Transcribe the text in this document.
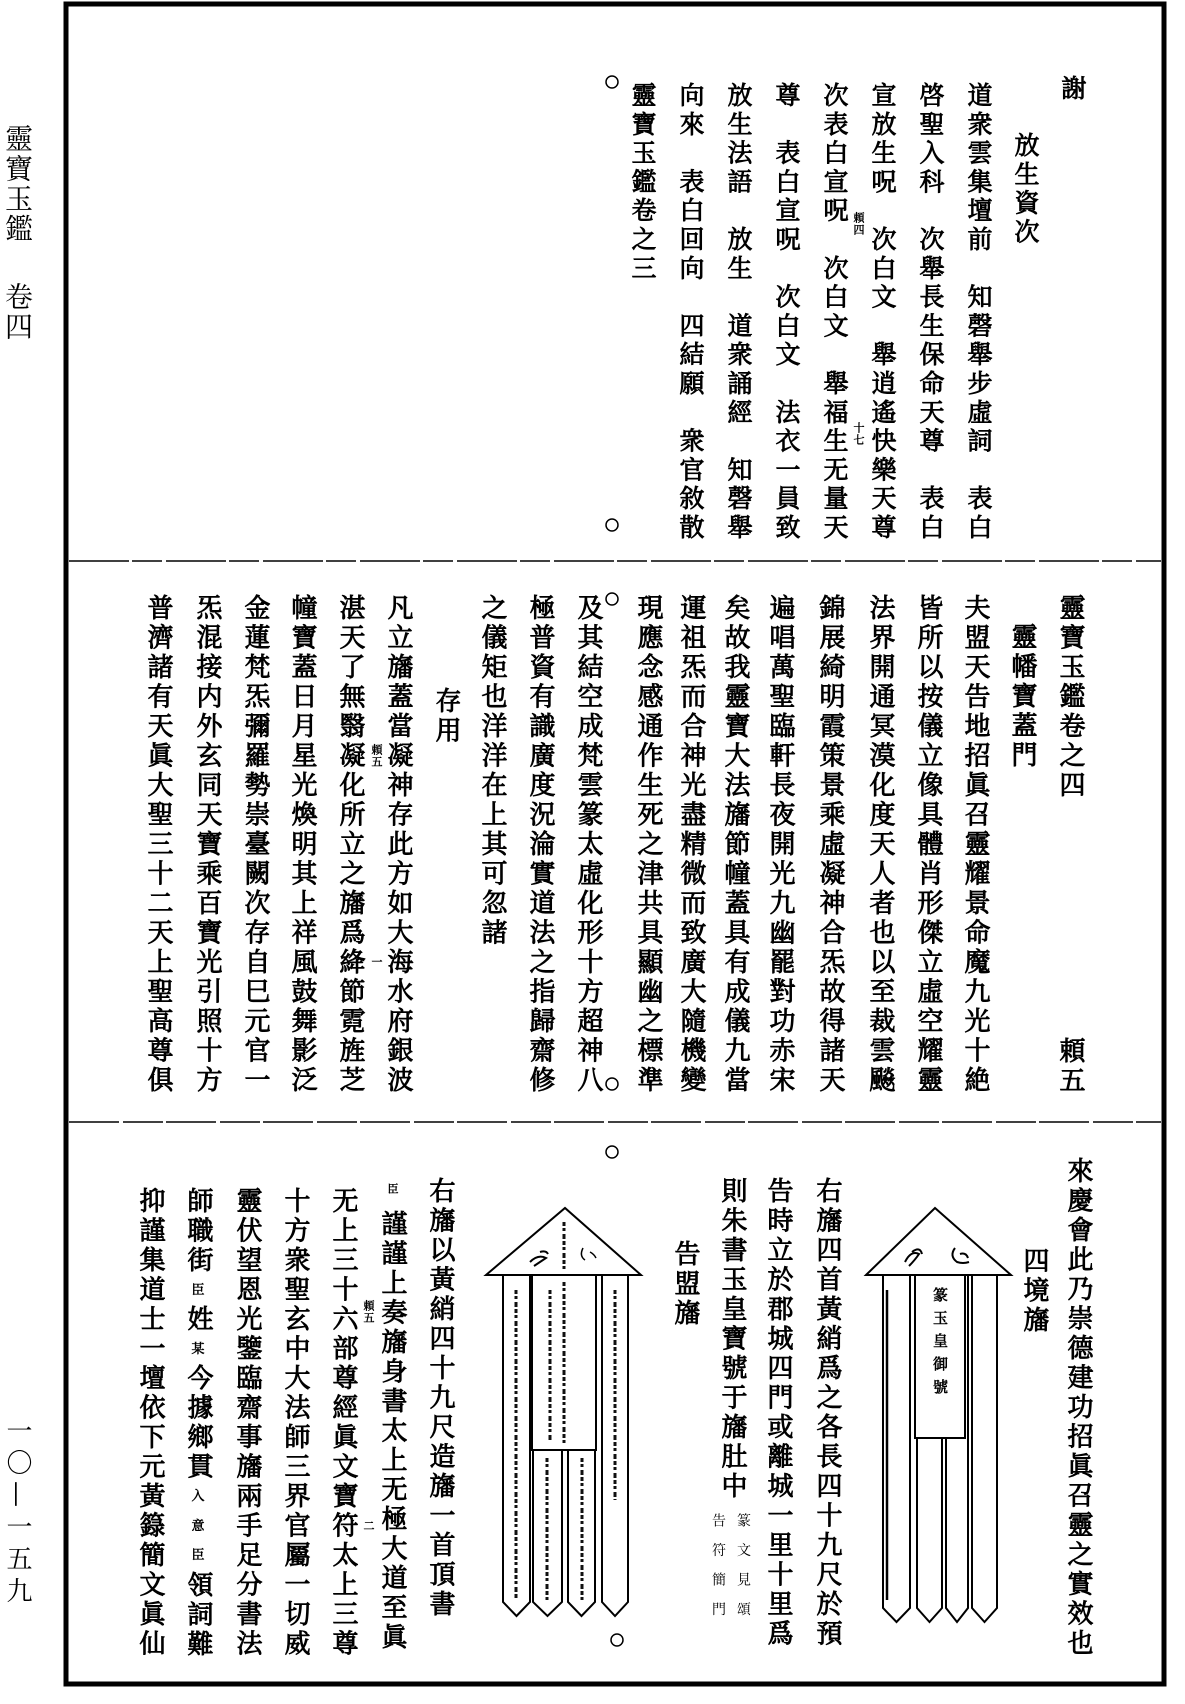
靈寶玉鑑
卷四
一〇—一五九
謝
放生資次
道衆雲集壇前　知磬舉步虛詞　表白
啓聖入科　次舉長生保命天尊　表白
宣放生呪　次白文　舉逍遙快樂天尊
次表白宣呪　次白文　舉福生无量天
尊　表白宣呪　次白文　法衣一員致
放生法語　放生　道衆誦經　知磬舉
向來　表白回向　四結願　衆官敘散
靈寶玉鑑卷之三	頼四
十七
靈寶玉鑑卷之四
頼五
靈幡寶蓋門
夫盟天告地招眞召靈耀景命魔九光十絶
皆所以按儀立像具體肖形傑立虛空耀靈
法界開通冥漠化度天人者也以至裁雲飈
錦展綺明霞策景乘虛凝神合炁故得諸天
遍唱萬聖臨軒長夜開光九幽罷對功赤宋
矣故我靈寶大法旛節幢蓋具有成儀九當
運祖炁而合神光盡精微而致廣大隨機變
現應念感通作生死之津共具顯幽之標準
及其結空成梵雲篆太虛化形十方超神八
極普資有識廣度況淪實道法之指歸齋修
之儀矩也洋洋在上其可忽諸
存用
凡立旛蓋當凝神存此方如大海水府銀波
湛天了無翳凝化所立之旛爲絳節霓旌芝
幢寶蓋日月星光煥明其上祥風鼓舞影泛
金蓮梵炁彌羅勢崇臺闕次存自巳元官一
炁混接内外玄同天寶乘百寶光引照十方
普濟諸有天眞大聖三十二天上聖高尊俱	頼五
一
來慶會此乃崇德建功招眞召靈之實效也
四境旛
篆玉皇御號
右旛四首黃綃爲之各長四十九尺於預
告時立於郡城四門或離城一里十里爲
則朱書玉皇寶號于旛肚中
篆文見頌
告符簡門
告盟旛
右旛以黃綃四十九尺造旛一首頂書
臣
謹謹上奏旛身書太上无極大道至眞
无上三十六部尊經眞文寶符太上三尊
十方衆聖玄中大法師三界官屬一切威
靈伏望恩光鑒臨齋事旛兩手足分書法
師職街
臣
姓
某
今據鄉貫
入
意
臣
領詞難
抑謹集道士一壇依下元黃籙簡文眞仙	頼五
二
